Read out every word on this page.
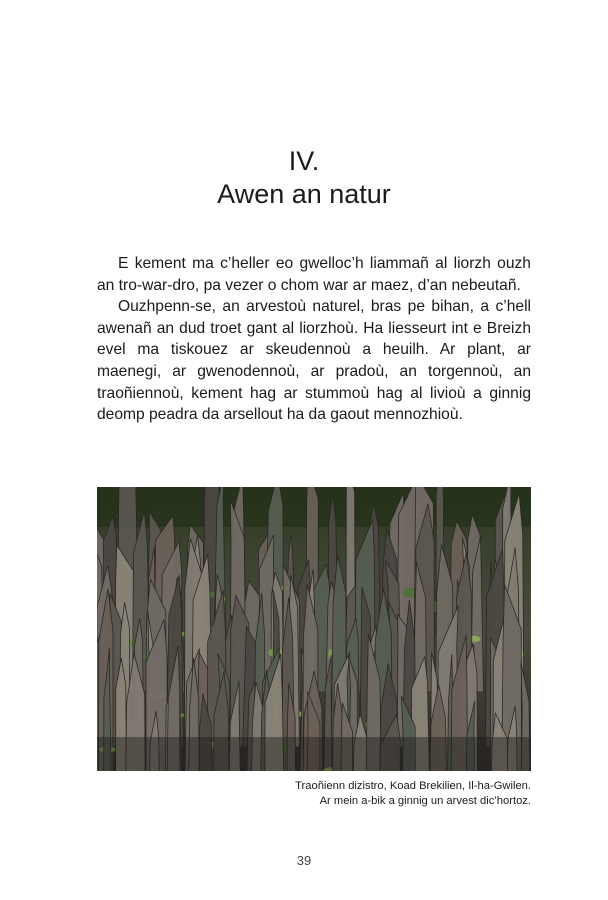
IV.
Awen an natur

E kement ma c’heller eo gwelloc’h liammañ al liorzh ouzh an tro-war-dro, pa vezer o chom war ar maez, d’an nebeutañ.

Ouzhpenn-se, an arvestoù naturel, bras pe bihan, a c’hell awenañ an dud troet gant al liorzhoù. Ha liesseurt int e Breizh evel ma tiskouez ar skeudennoù a heuilh. Ar plant, ar maenegi, ar gwenodennoù, ar pradoù, an torgennoù, an traoñiennoù, kement hag ar stummoù hag al livioù a ginnig deomp peadra da arsellout ha da gaout mennozhioù.

Traoñienn dizistro, Koad Brekilien, Il-ha-Gwilen.
Ar mein a-bik a ginnig un arvest dic’hortoz.
39
